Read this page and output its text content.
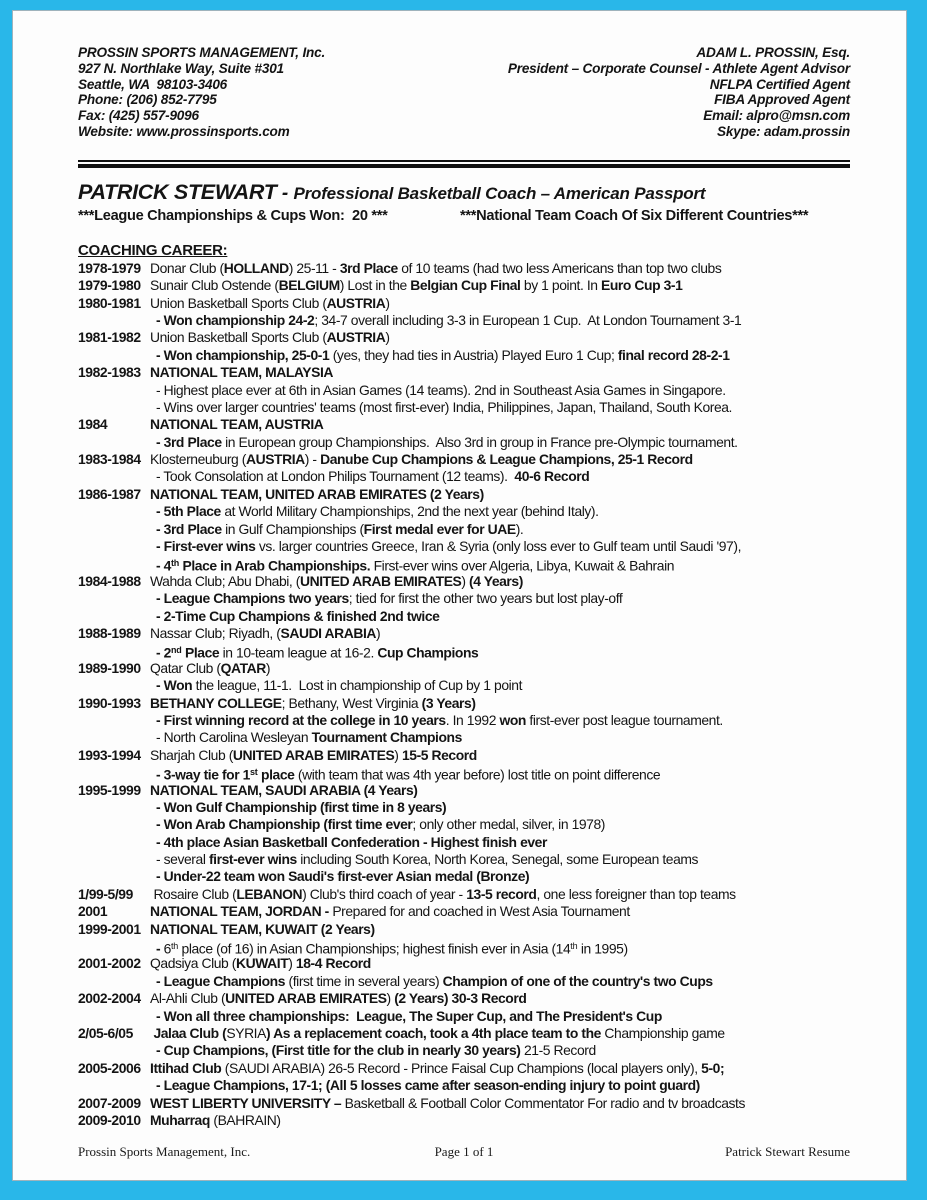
PROSSIN SPORTS MANAGEMENT, Inc.
927 N. Northlake Way, Suite #301
Seattle, WA  98103-3406
Phone: (206) 852-7795
Fax: (425) 557-9096
Website: www.prossinsports.com
ADAM L. PROSSIN, Esq.
President – Corporate Counsel - Athlete Agent Advisor
NFLPA Certified Agent
FIBA Approved Agent
Email: alpro@msn.com
Skype: adam.prossin
PATRICK STEWART - Professional Basketball Coach – American Passport
***League Championships & Cups Won:  20 ***	***National Team Coach Of Six Different Countries***
COACHING CAREER:
1978-1979 Donar Club (HOLLAND) 25-11 - 3rd Place of 10 teams (had two less Americans than top two clubs
1979-1980 Sunair Club Ostende (BELGIUM) Lost in the Belgian Cup Final by 1 point. In Euro Cup 3-1
1980-1981 Union Basketball Sports Club (AUSTRIA)
- Won championship 24-2; 34-7 overall including 3-3 in European 1 Cup.  At London Tournament 3-1
1981-1982 Union Basketball Sports Club (AUSTRIA)
- Won championship, 25-0-1 (yes, they had ties in Austria) Played Euro 1 Cup; final record 28-2-1
1982-1983 NATIONAL TEAM, MALAYSIA
- Highest place ever at 6th in Asian Games (14 teams). 2nd in Southeast Asia Games in Singapore.
- Wins over larger countries' teams (most first-ever) India, Philippines, Japan, Thailand, South Korea.
1984	NATIONAL TEAM, AUSTRIA
- 3rd Place in European group Championships.  Also 3rd in group in France pre-Olympic tournament.
1983-1984 Klosterneuburg (AUSTRIA) - Danube Cup Champions & League Champions, 25-1 Record
- Took Consolation at London Philips Tournament (12 teams).  40-6 Record
1986-1987 NATIONAL TEAM, UNITED ARAB EMIRATES (2 Years)
- 5th Place at World Military Championships, 2nd the next year (behind Italy).
- 3rd Place in Gulf Championships (First medal ever for UAE).
- First-ever wins vs. larger countries Greece, Iran & Syria (only loss ever to Gulf team until Saudi '97),
- 4th Place in Arab Championships. First-ever wins over Algeria, Libya, Kuwait & Bahrain
1984-1988 Wahda Club; Abu Dhabi, (UNITED ARAB EMIRATES) (4 Years)
- League Champions two years; tied for first the other two years but lost play-off
- 2-Time Cup Champions & finished 2nd twice
1988-1989 Nassar Club; Riyadh, (SAUDI ARABIA)
- 2nd Place in 10-team league at 16-2. Cup Champions
1989-1990 Qatar Club (QATAR)
- Won the league, 11-1.  Lost in championship of Cup by 1 point
1990-1993 BETHANY COLLEGE; Bethany, West Virginia (3 Years)
- First winning record at the college in 10 years. In 1992 won first-ever post league tournament.
- North Carolina Wesleyan Tournament Champions
1993-1994 Sharjah Club (UNITED ARAB EMIRATES) 15-5 Record
- 3-way tie for 1st place (with team that was 4th year before) lost title on point difference
1995-1999 NATIONAL TEAM, SAUDI ARABIA (4 Years)
- Won Gulf Championship (first time in 8 years)
- Won Arab Championship (first time ever; only other medal, silver, in 1978)
- 4th place Asian Basketball Confederation - Highest finish ever
- several first-ever wins including South Korea, North Korea, Senegal, some European teams
- Under-22 team won Saudi's first-ever Asian medal (Bronze)
1/99-5/99 Rosaire Club (LEBANON) Club's third coach of year - 13-5 record, one less foreigner than top teams
2001	NATIONAL TEAM, JORDAN - Prepared for and coached in West Asia Tournament
1999-2001 NATIONAL TEAM, KUWAIT (2 Years)
- 6th place (of 16) in Asian Championships; highest finish ever in Asia (14th in 1995)
2001-2002 Qadsiya Club (KUWAIT) 18-4 Record
- League Champions (first time in several years) Champion of one of the country's two Cups
2002-2004 Al-Ahli Club (UNITED ARAB EMIRATES) (2 Years) 30-3 Record
- Won all three championships:  League, The Super Cup, and The President's Cup
2/05-6/05 Jalaa Club (SYRIA) As a replacement coach, took a 4th place team to the Championship game
- Cup Champions, (First title for the club in nearly 30 years) 21-5 Record
2005-2006 Ittihad Club (SAUDI ARABIA) 26-5 Record - Prince Faisal Cup Champions (local players only), 5-0;
- League Champions, 17-1; (All 5 losses came after season-ending injury to point guard)
2007-2009 WEST LIBERTY UNIVERSITY – Basketball & Football Color Commentator For radio and tv broadcasts
2009-2010 Muharraq (BAHRAIN)
Prossin Sports Management, Inc.	Page 1 of 1	Patrick Stewart Resume
